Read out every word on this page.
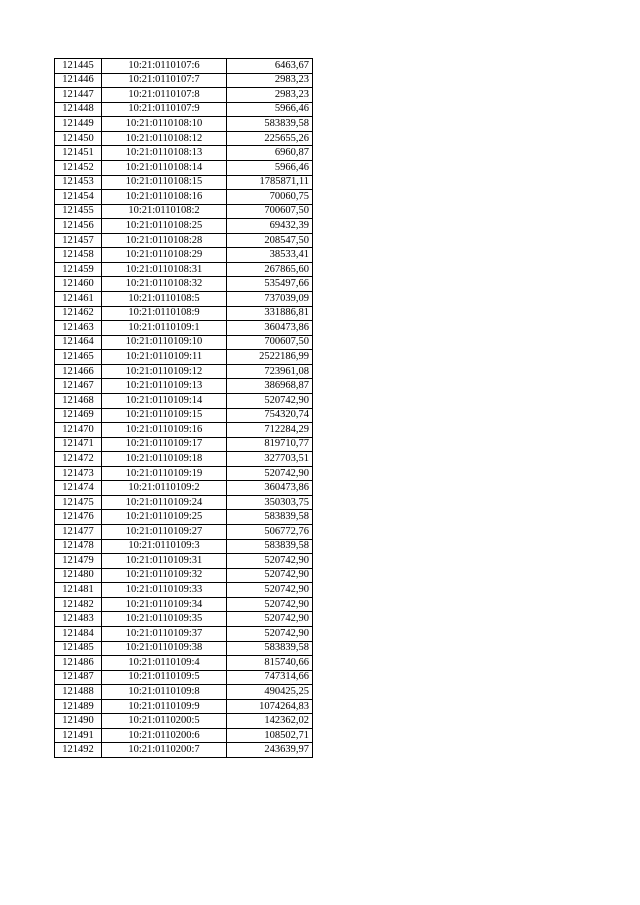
121445	10:21:0110107:6	6463,67
121446	10:21:0110107:7	2983,23
121447	10:21:0110107:8	2983,23
121448	10:21:0110107:9	5966,46
121449	10:21:0110108:10	583839,58
121450	10:21:0110108:12	225655,26
121451	10:21:0110108:13	6960,87
121452	10:21:0110108:14	5966,46
121453	10:21:0110108:15	1785871,11
121454	10:21:0110108:16	70060,75
121455	10:21:0110108:2	700607,50
121456	10:21:0110108:25	69432,39
121457	10:21:0110108:28	208547,50
121458	10:21:0110108:29	38533,41
121459	10:21:0110108:31	267865,60
121460	10:21:0110108:32	535497,66
121461	10:21:0110108:5	737039,09
121462	10:21:0110108:9	331886,81
121463	10:21:0110109:1	360473,86
121464	10:21:0110109:10	700607,50
121465	10:21:0110109:11	2522186,99
121466	10:21:0110109:12	723961,08
121467	10:21:0110109:13	386968,87
121468	10:21:0110109:14	520742,90
121469	10:21:0110109:15	754320,74
121470	10:21:0110109:16	712284,29
121471	10:21:0110109:17	819710,77
121472	10:21:0110109:18	327703,51
121473	10:21:0110109:19	520742,90
121474	10:21:0110109:2	360473,86
121475	10:21:0110109:24	350303,75
121476	10:21:0110109:25	583839,58
121477	10:21:0110109:27	506772,76
121478	10:21:0110109:3	583839,58
121479	10:21:0110109:31	520742,90
121480	10:21:0110109:32	520742,90
121481	10:21:0110109:33	520742,90
121482	10:21:0110109:34	520742,90
121483	10:21:0110109:35	520742,90
121484	10:21:0110109:37	520742,90
121485	10:21:0110109:38	583839,58
121486	10:21:0110109:4	815740,66
121487	10:21:0110109:5	747314,66
121488	10:21:0110109:8	490425,25
121489	10:21:0110109:9	1074264,83
121490	10:21:0110200:5	142362,02
121491	10:21:0110200:6	108502,71
121492	10:21:0110200:7	243639,97
